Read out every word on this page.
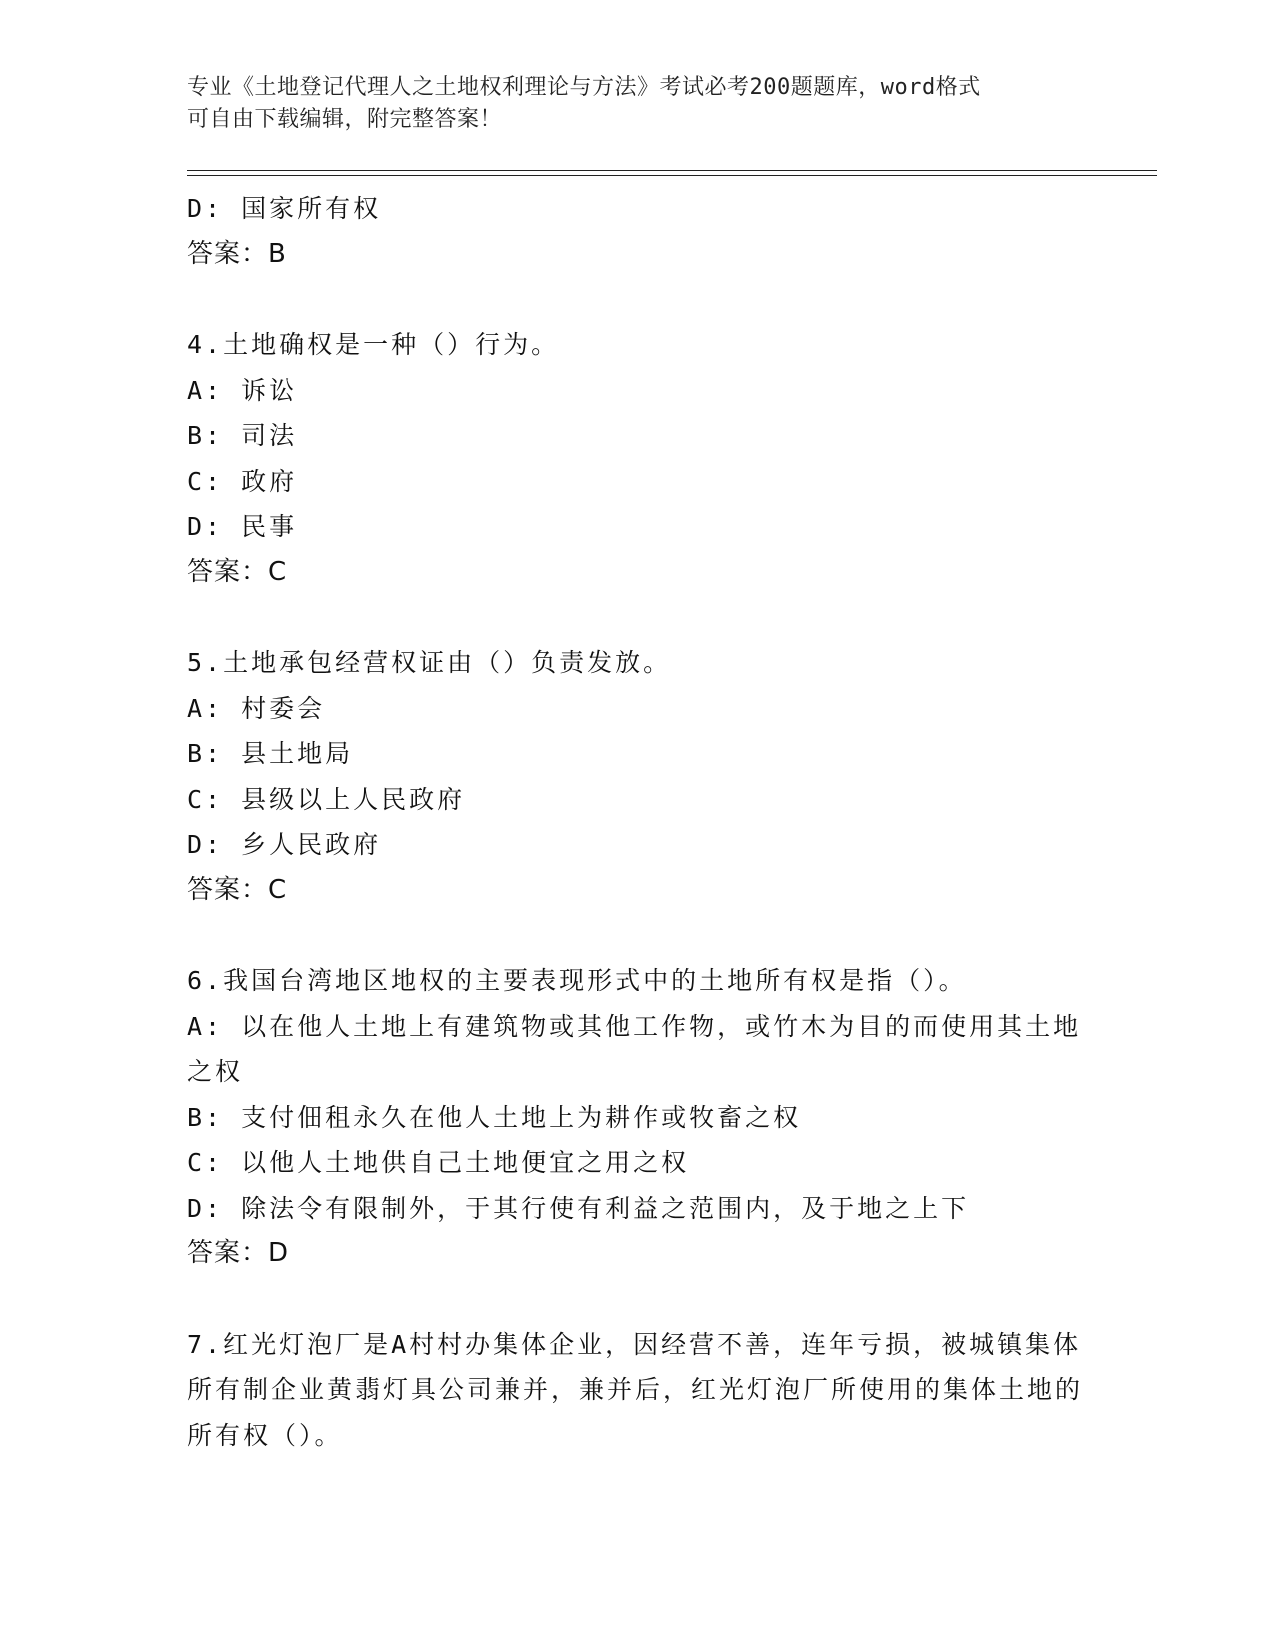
专业《土地登记代理人之土地权利理论与方法》考试必考200题题库，word格式
可自由下载编辑，附完整答案！
D: 国家所有权
答案：B
4.土地确权是一种（）行为。
A: 诉讼
B: 司法
C: 政府
D: 民事
答案：C
5.土地承包经营权证由（）负责发放。
A: 村委会
B: 县土地局
C: 县级以上人民政府
D: 乡人民政府
答案：C
6.我国台湾地区地权的主要表现形式中的土地所有权是指（）。
A: 以在他人土地上有建筑物或其他工作物，或竹木为目的而使用其土地之权
B: 支付佃租永久在他人土地上为耕作或牧畜之权
C: 以他人土地供自己土地便宜之用之权
D: 除法令有限制外，于其行使有利益之范围内，及于地之上下
答案：D
7.红光灯泡厂是A村村办集体企业，因经营不善，连年亏损，被城镇集体所有制企业黄翡灯具公司兼并，兼并后，红光灯泡厂所使用的集体土地的所有权（）。
